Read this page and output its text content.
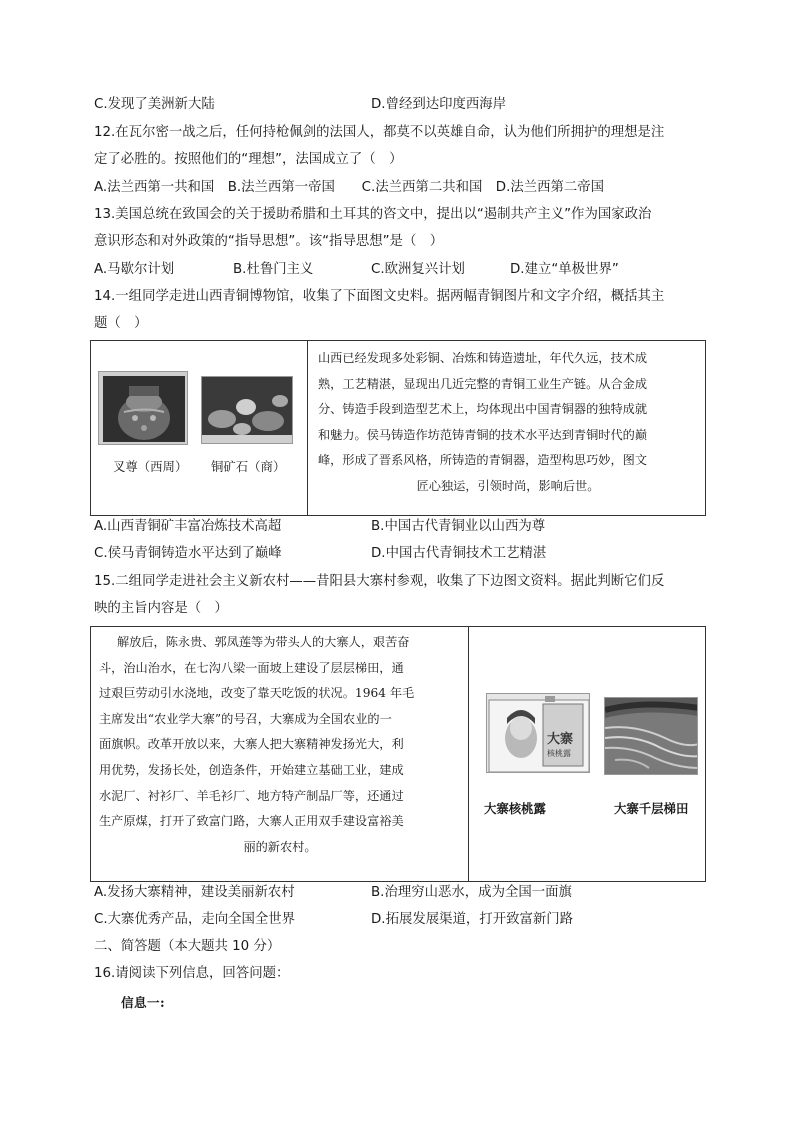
C.发现了美洲新大陆	D.曾经到达印度西海岸
12.在瓦尔密一战之后，任何持枪佩剑的法国人，都莫不以英雄自命，认为他们所拥护的理想是注
定了必胜的。按照他们的“理想”，法国成立了（　）
A.法兰西第一共和国　B.法兰西第一帝国　　C.法兰西第二共和国　D.法兰西第二帝国
13.美国总统在致国会的关于援助希腊和土耳其的咨文中，提出以“遏制共产主义”作为国家政治
意识形态和对外政策的“指导思想”。该“指导思想”是（　）
A.马歇尔计划	B.杜鲁门主义	C.欧洲复兴计划	D.建立“单极世界”
14.一组同学走进山西青铜博物馆，收集了下面图文史料。据两幅青铜图片和文字介绍，概括其主
题（　）
叉尊（西周） 铜矿石（商）
山西已经发现多处彩铜、冶炼和铸造遗址，年代久远，技术成
熟，工艺精湛，显现出几近完整的青铜工业生产链。从合金成
分、铸造手段到造型艺术上，均体现出中国青铜器的独特成就
和魅力。侯马铸造作坊范铸青铜的技术水平达到青铜时代的巅
峰，形成了晋系风格，所铸造的青铜器，造型构思巧妙，图文
匠心独运，引领时尚，影响后世。
A.山西青铜矿丰富冶炼技术高超	B.中国古代青铜业以山西为尊
C.侯马青铜铸造水平达到了巅峰	D.中国古代青铜技术工艺精湛
15.二组同学走进社会主义新农村——昔阳县大寨村参观，收集了下边图文资料。据此判断它们反
映的主旨内容是（　）
解放后，陈永贵、郭凤莲等为带头人的大寨人，艰苦奋
斗，治山治水，在七沟八梁一面坡上建设了层层梯田，通
过艰巨劳动引水浇地，改变了靠天吃饭的状况。1964 年毛
主席发出“农业学大寨”的号召，大寨成为全国农业的一
面旗帜。改革开放以来，大寨人把大寨精神发扬光大，利
用优势，发扬长处，创造条件，开始建立基础工业，建成
水泥厂、衬衫厂、羊毛衫厂、地方特产制品厂等，还通过
生产原煤，打开了致富门路，大寨人正用双手建设富裕美
丽的新农村。
大寨
核桃露
大寨核桃露	大寨千层梯田
A.发扬大寨精神，建设美丽新农村	B.治理穷山恶水，成为全国一面旗
C.大寨优秀产品，走向全国全世界	D.拓展发展渠道，打开致富新门路
二、简答题（本大题共 10 分）
16.请阅读下列信息，回答问题：
信息一:
